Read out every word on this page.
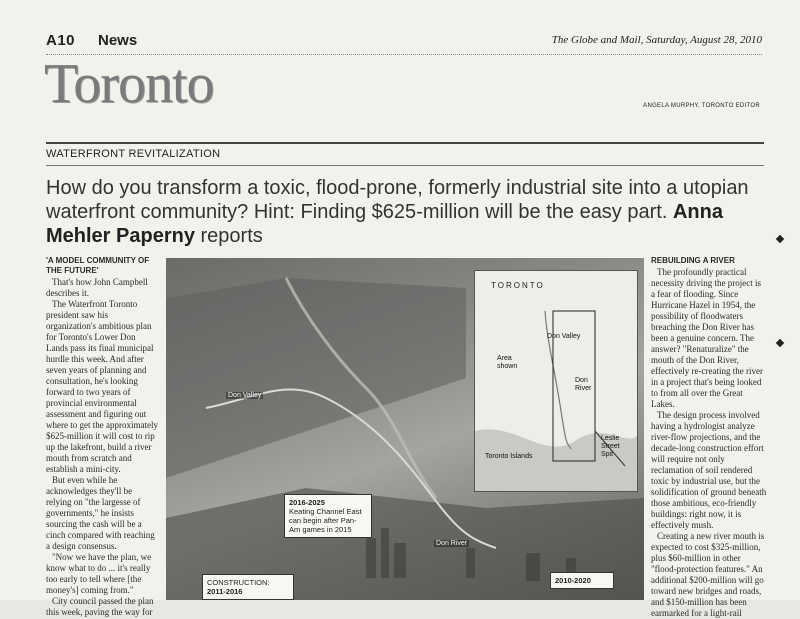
A10 News	The Globe and Mail, Saturday, August 28, 2010
Toronto	ANGELA MURPHY, TORONTO EDITOR
WATERFRONT REVITALIZATION
How do you transform a toxic, flood-prone, formerly industrial site into a utopian waterfront community? Hint: Finding $625-million will be the easy part. Anna Mehler Paperny reports
'A MODEL COMMUNITY OF THE FUTURE'

That's how John Campbell describes it.

The Waterfront Toronto president saw his organization's ambitious plan for Toronto's Lower Don Lands pass its final municipal hurdle this week. And after seven years of planning and consultation, he's looking forward to two years of provincial environmental assessment and figuring out where to get the approximately $625-million it will cost to rip up the lakefront, build a river mouth from scratch and establish a mini-city.

But even while he acknowledges they'll be relying on "the largesse of governments," he insists sourcing the cash will be a cinch compared with reaching a design consensus.

"Now we have the plan, we know what to do ... it's really too early to tell where [the money's] coming from."

City council passed the plan this week, paving the way for

Don Valley
Don River
TORONTO
Don Valley
Area shown
Don River
Toronto Islands
Leslie Street Spit
2016-2025
Keating Channel East can begin after Pan-Am games in 2015
CONSTRUCTION:
2011-2016
2010-2020
REBUILDING A RIVER

The profoundly practical necessity driving the project is a fear of flooding. Since Hurricane Hazel in 1954, the possibility of floodwaters breaching the Don River has been a genuine concern. The answer? "Renaturalize" the mouth of the Don River, effectively re-creating the river in a project that's being looked to from all over the Great Lakes.

The design process involved having a hydrologist analyze river-flow projections, and the decade-long construction effort will require not only reclamation of soil rendered toxic by industrial use, but the solidification of ground beneath those ambitious, eco-friendly buildings: right now, it is effectively mush.

Creating a new river mouth is expected to cost $325-million, plus $60-million in other "flood-protection features." An additional $200-million will go toward new bridges and roads, and $150-million has been earmarked for a light-rail
